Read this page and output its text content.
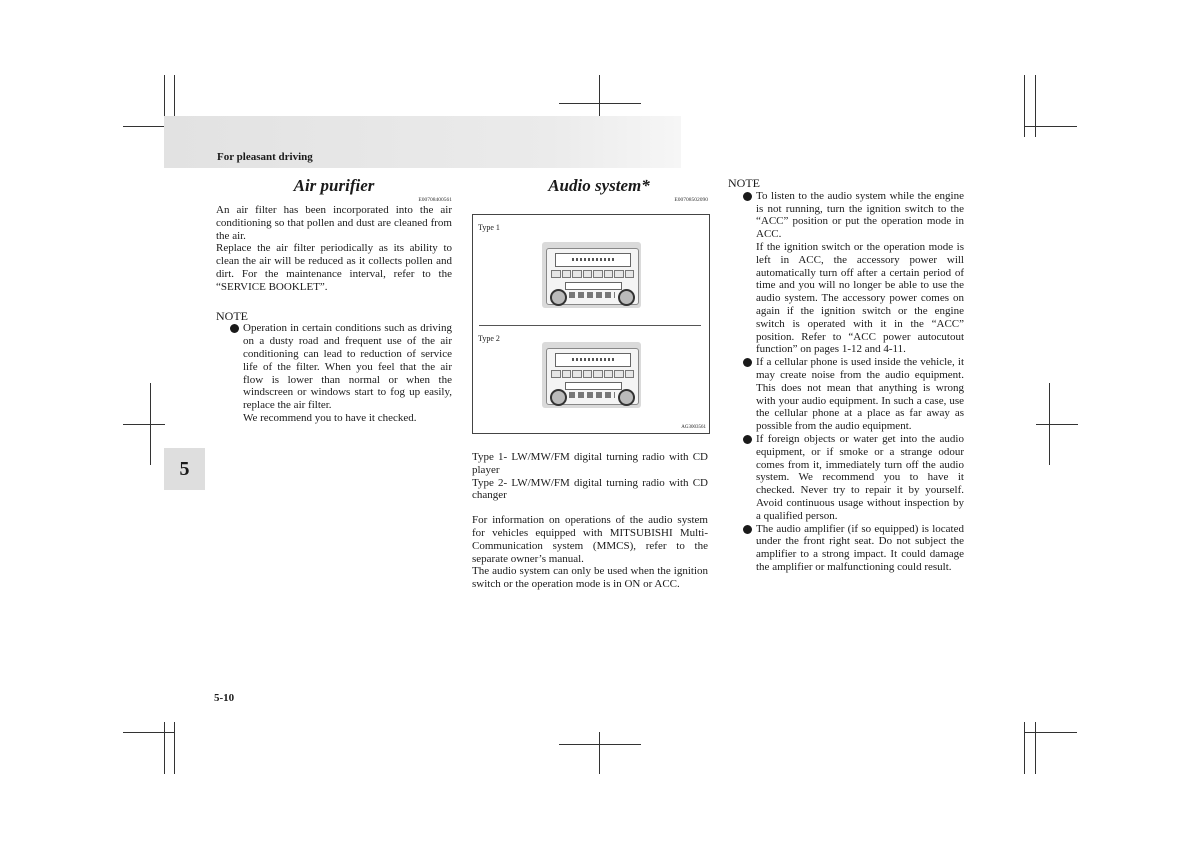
For pleasant driving
5
Air purifier
E00708400561

An air filter has been incorporated into the air conditioning so that pollen and dust are cleaned from the air.

Replace the air filter periodically as its ability to clean the air will be reduced as it collects pollen and dirt. For the maintenance interval, refer to the “SERVICE BOOKLET”.

NOTE

Operation in certain conditions such as driving on a dusty road and frequent use of the air conditioning can lead to reduction of service life of the filter. When you feel that the air flow is lower than normal or when the windscreen or windows start to fog up easily, replace the air filter.

We recommend you to have it checked.

Audio system*
E00708502090
Type 1
Type 2
AG3003561

Type 1- LW/MW/FM digital turning radio with CD player

Type 2- LW/MW/FM digital turning radio with CD changer

For information on operations of the audio system for vehicles equipped with MITSUBISHI Multi-Communication system (MMCS), refer to the separate owner’s manual.

The audio system can only be used when the ignition switch or the operation mode is in ON or ACC.

NOTE

To listen to the audio system while the engine is not running, turn the ignition switch to the “ACC” position or put the operation mode in ACC.

If the ignition switch or the operation mode is left in ACC, the accessory power will automatically turn off after a certain period of time and you will no longer be able to use the audio system. The accessory power comes on again if the ignition switch or the engine switch is operated with it in the “ACC” position. Refer to “ACC power autocutout function” on pages 1-12 and 4-11.

If a cellular phone is used inside the vehicle, it may create noise from the audio equipment. This does not mean that anything is wrong with your audio equipment. In such a case, use the cellular phone at a place as far away as possible from the audio equipment.
If foreign objects or water get into the audio equipment, or if smoke or a strange odour comes from it, immediately turn off the audio system. We recommend you to have it checked. Never try to repair it by yourself. Avoid continuous usage without inspection by a qualified person.
The audio amplifier (if so equipped) is located under the front right seat. Do not subject the amplifier to a strong impact. It could damage the amplifier or malfunctioning could result.
5-10
